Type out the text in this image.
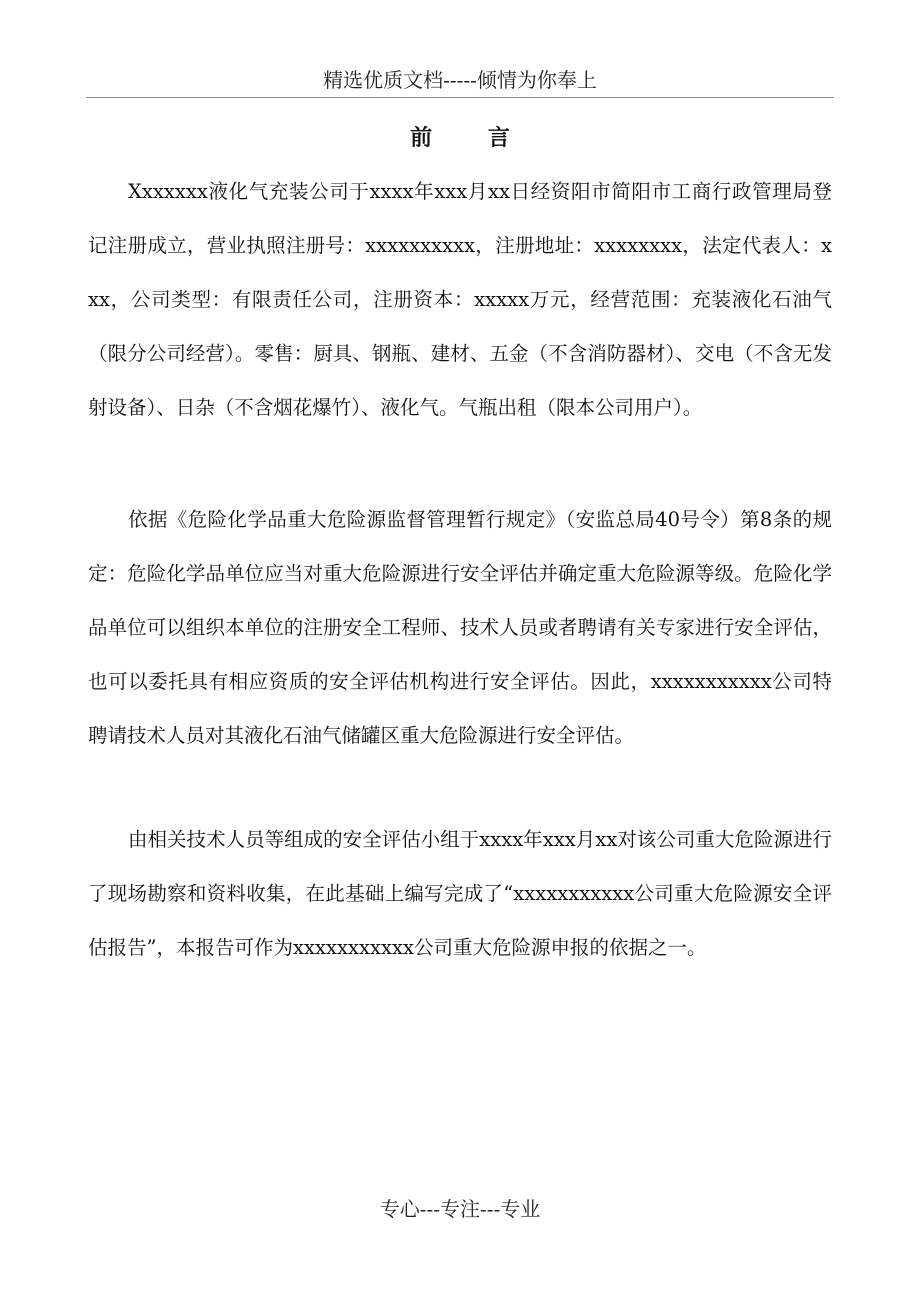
精选优质文档-----倾情为你奉上
前 言

Xxxxxxx液化气充装公司于xxxx年xxx月xx日经资阳市简阳市工商行政管理局登记注册成立，营业执照注册号：xxxxxxxxxx，注册地址：xxxxxxxx，法定代表人：xxx，公司类型：有限责任公司，注册资本：xxxxx万元，经营范围：充装液化石油气（限分公司经营）。零售：厨具、钢瓶、建材、五金（不含消防器材）、交电（不含无发射设备）、日杂（不含烟花爆竹）、液化气。气瓶出租（限本公司用户）。

依据《危险化学品重大危险源监督管理暂行规定》（安监总局40号令）第8条的规定：危险化学品单位应当对重大危险源进行安全评估并确定重大危险源等级。危险化学品单位可以组织本单位的注册安全工程师、技术人员或者聘请有关专家进行安全评估，也可以委托具有相应资质的安全评估机构进行安全评估。因此，xxxxxxxxxxx公司特聘请技术人员对其液化石油气储罐区重大危险源进行安全评估。

由相关技术人员等组成的安全评估小组于xxxx年xxx月xx对该公司重大危险源进行了现场勘察和资料收集，在此基础上编写完成了“xxxxxxxxxxx公司重大危险源安全评估报告”，本报告可作为xxxxxxxxxxx公司重大危险源申报的依据之一。

专心---专注---专业
